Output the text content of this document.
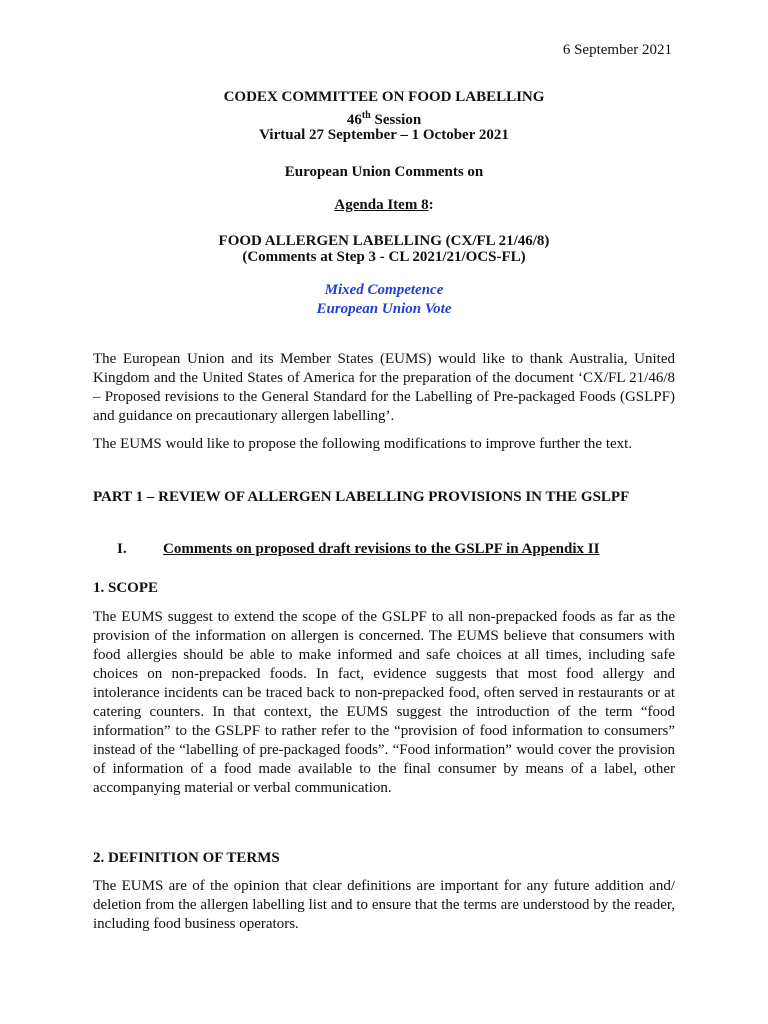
6 September 2021
CODEX COMMITTEE ON FOOD LABELLING
46th Session
Virtual 27 September – 1 October 2021
European Union Comments on
Agenda Item 8:
FOOD ALLERGEN LABELLING (CX/FL 21/46/8)
(Comments at Step 3 - CL 2021/21/OCS-FL)
Mixed Competence
European Union Vote
The European Union and its Member States (EUMS) would like to thank Australia, United Kingdom and the United States of America for the preparation of the document ‘CX/FL 21/46/8 – Proposed revisions to the General Standard for the Labelling of Pre-packaged Foods (GSLPF) and guidance on precautionary allergen labelling’.
The EUMS would like to propose the following modifications to improve further the text.
PART 1 – REVIEW OF ALLERGEN LABELLING PROVISIONS IN THE GSLPF
I. Comments on proposed draft revisions to the GSLPF in Appendix II
1. SCOPE
The EUMS suggest to extend the scope of the GSLPF to all non-prepacked foods as far as the provision of the information on allergen is concerned. The EUMS believe that consumers with food allergies should be able to make informed and safe choices at all times, including safe choices on non-prepacked foods. In fact, evidence suggests that most food allergy and intolerance incidents can be traced back to non-prepacked food, often served in restaurants or at catering counters. In that context, the EUMS suggest the introduction of the term “food information” to the GSLPF to rather refer to the “provision of food information to consumers” instead of the “labelling of pre-packaged foods”. “Food information” would cover the provision of information of a food made available to the final consumer by means of a label, other accompanying material or verbal communication.
2. DEFINITION OF TERMS
The EUMS are of the opinion that clear definitions are important for any future addition and/ deletion from the allergen labelling list and to ensure that the terms are understood by the reader, including food business operators.
